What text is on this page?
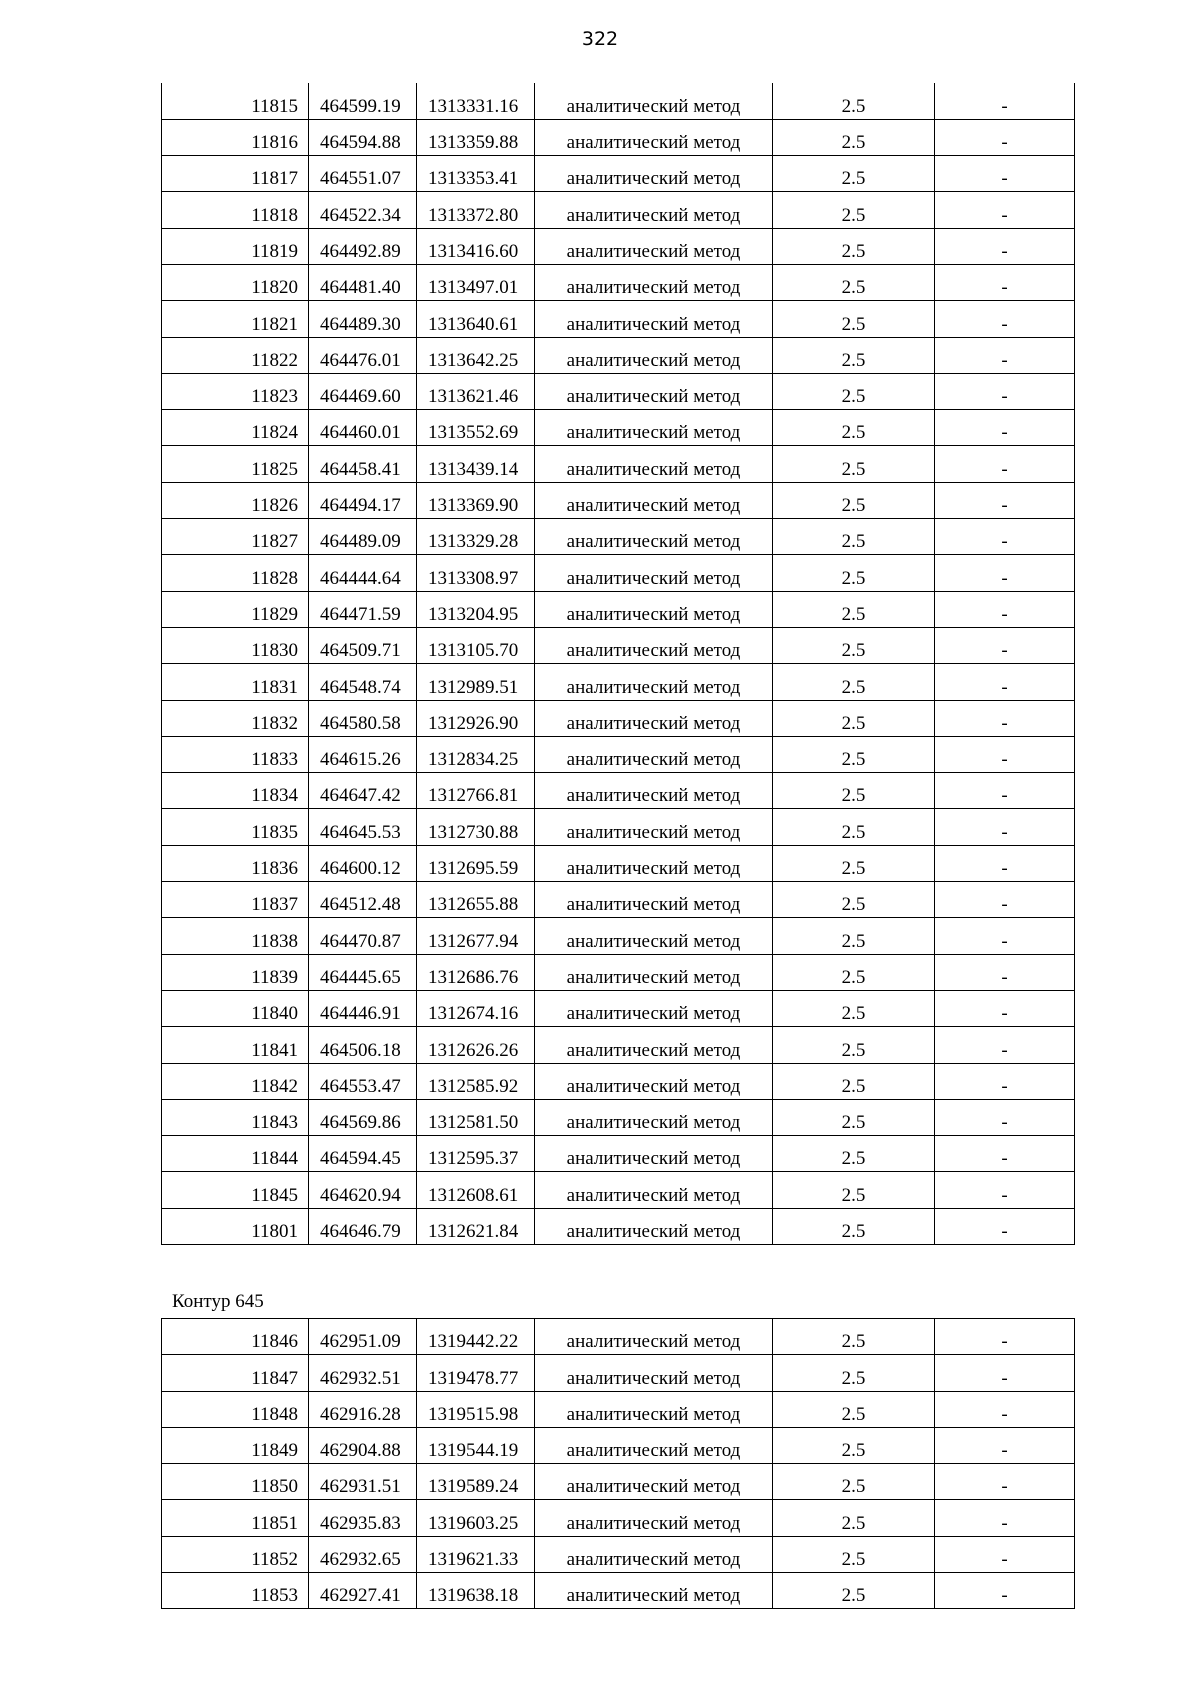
322
11815	464599.19	1313331.16	аналитический метод	2.5	-
11816	464594.88	1313359.88	аналитический метод	2.5	-
11817	464551.07	1313353.41	аналитический метод	2.5	-
11818	464522.34	1313372.80	аналитический метод	2.5	-
11819	464492.89	1313416.60	аналитический метод	2.5	-
11820	464481.40	1313497.01	аналитический метод	2.5	-
11821	464489.30	1313640.61	аналитический метод	2.5	-
11822	464476.01	1313642.25	аналитический метод	2.5	-
11823	464469.60	1313621.46	аналитический метод	2.5	-
11824	464460.01	1313552.69	аналитический метод	2.5	-
11825	464458.41	1313439.14	аналитический метод	2.5	-
11826	464494.17	1313369.90	аналитический метод	2.5	-
11827	464489.09	1313329.28	аналитический метод	2.5	-
11828	464444.64	1313308.97	аналитический метод	2.5	-
11829	464471.59	1313204.95	аналитический метод	2.5	-
11830	464509.71	1313105.70	аналитический метод	2.5	-
11831	464548.74	1312989.51	аналитический метод	2.5	-
11832	464580.58	1312926.90	аналитический метод	2.5	-
11833	464615.26	1312834.25	аналитический метод	2.5	-
11834	464647.42	1312766.81	аналитический метод	2.5	-
11835	464645.53	1312730.88	аналитический метод	2.5	-
11836	464600.12	1312695.59	аналитический метод	2.5	-
11837	464512.48	1312655.88	аналитический метод	2.5	-
11838	464470.87	1312677.94	аналитический метод	2.5	-
11839	464445.65	1312686.76	аналитический метод	2.5	-
11840	464446.91	1312674.16	аналитический метод	2.5	-
11841	464506.18	1312626.26	аналитический метод	2.5	-
11842	464553.47	1312585.92	аналитический метод	2.5	-
11843	464569.86	1312581.50	аналитический метод	2.5	-
11844	464594.45	1312595.37	аналитический метод	2.5	-
11845	464620.94	1312608.61	аналитический метод	2.5	-
11801	464646.79	1312621.84	аналитический метод	2.5	-
Контур 645
11846	462951.09	1319442.22	аналитический метод	2.5	-
11847	462932.51	1319478.77	аналитический метод	2.5	-
11848	462916.28	1319515.98	аналитический метод	2.5	-
11849	462904.88	1319544.19	аналитический метод	2.5	-
11850	462931.51	1319589.24	аналитический метод	2.5	-
11851	462935.83	1319603.25	аналитический метод	2.5	-
11852	462932.65	1319621.33	аналитический метод	2.5	-
11853	462927.41	1319638.18	аналитический метод	2.5	-
